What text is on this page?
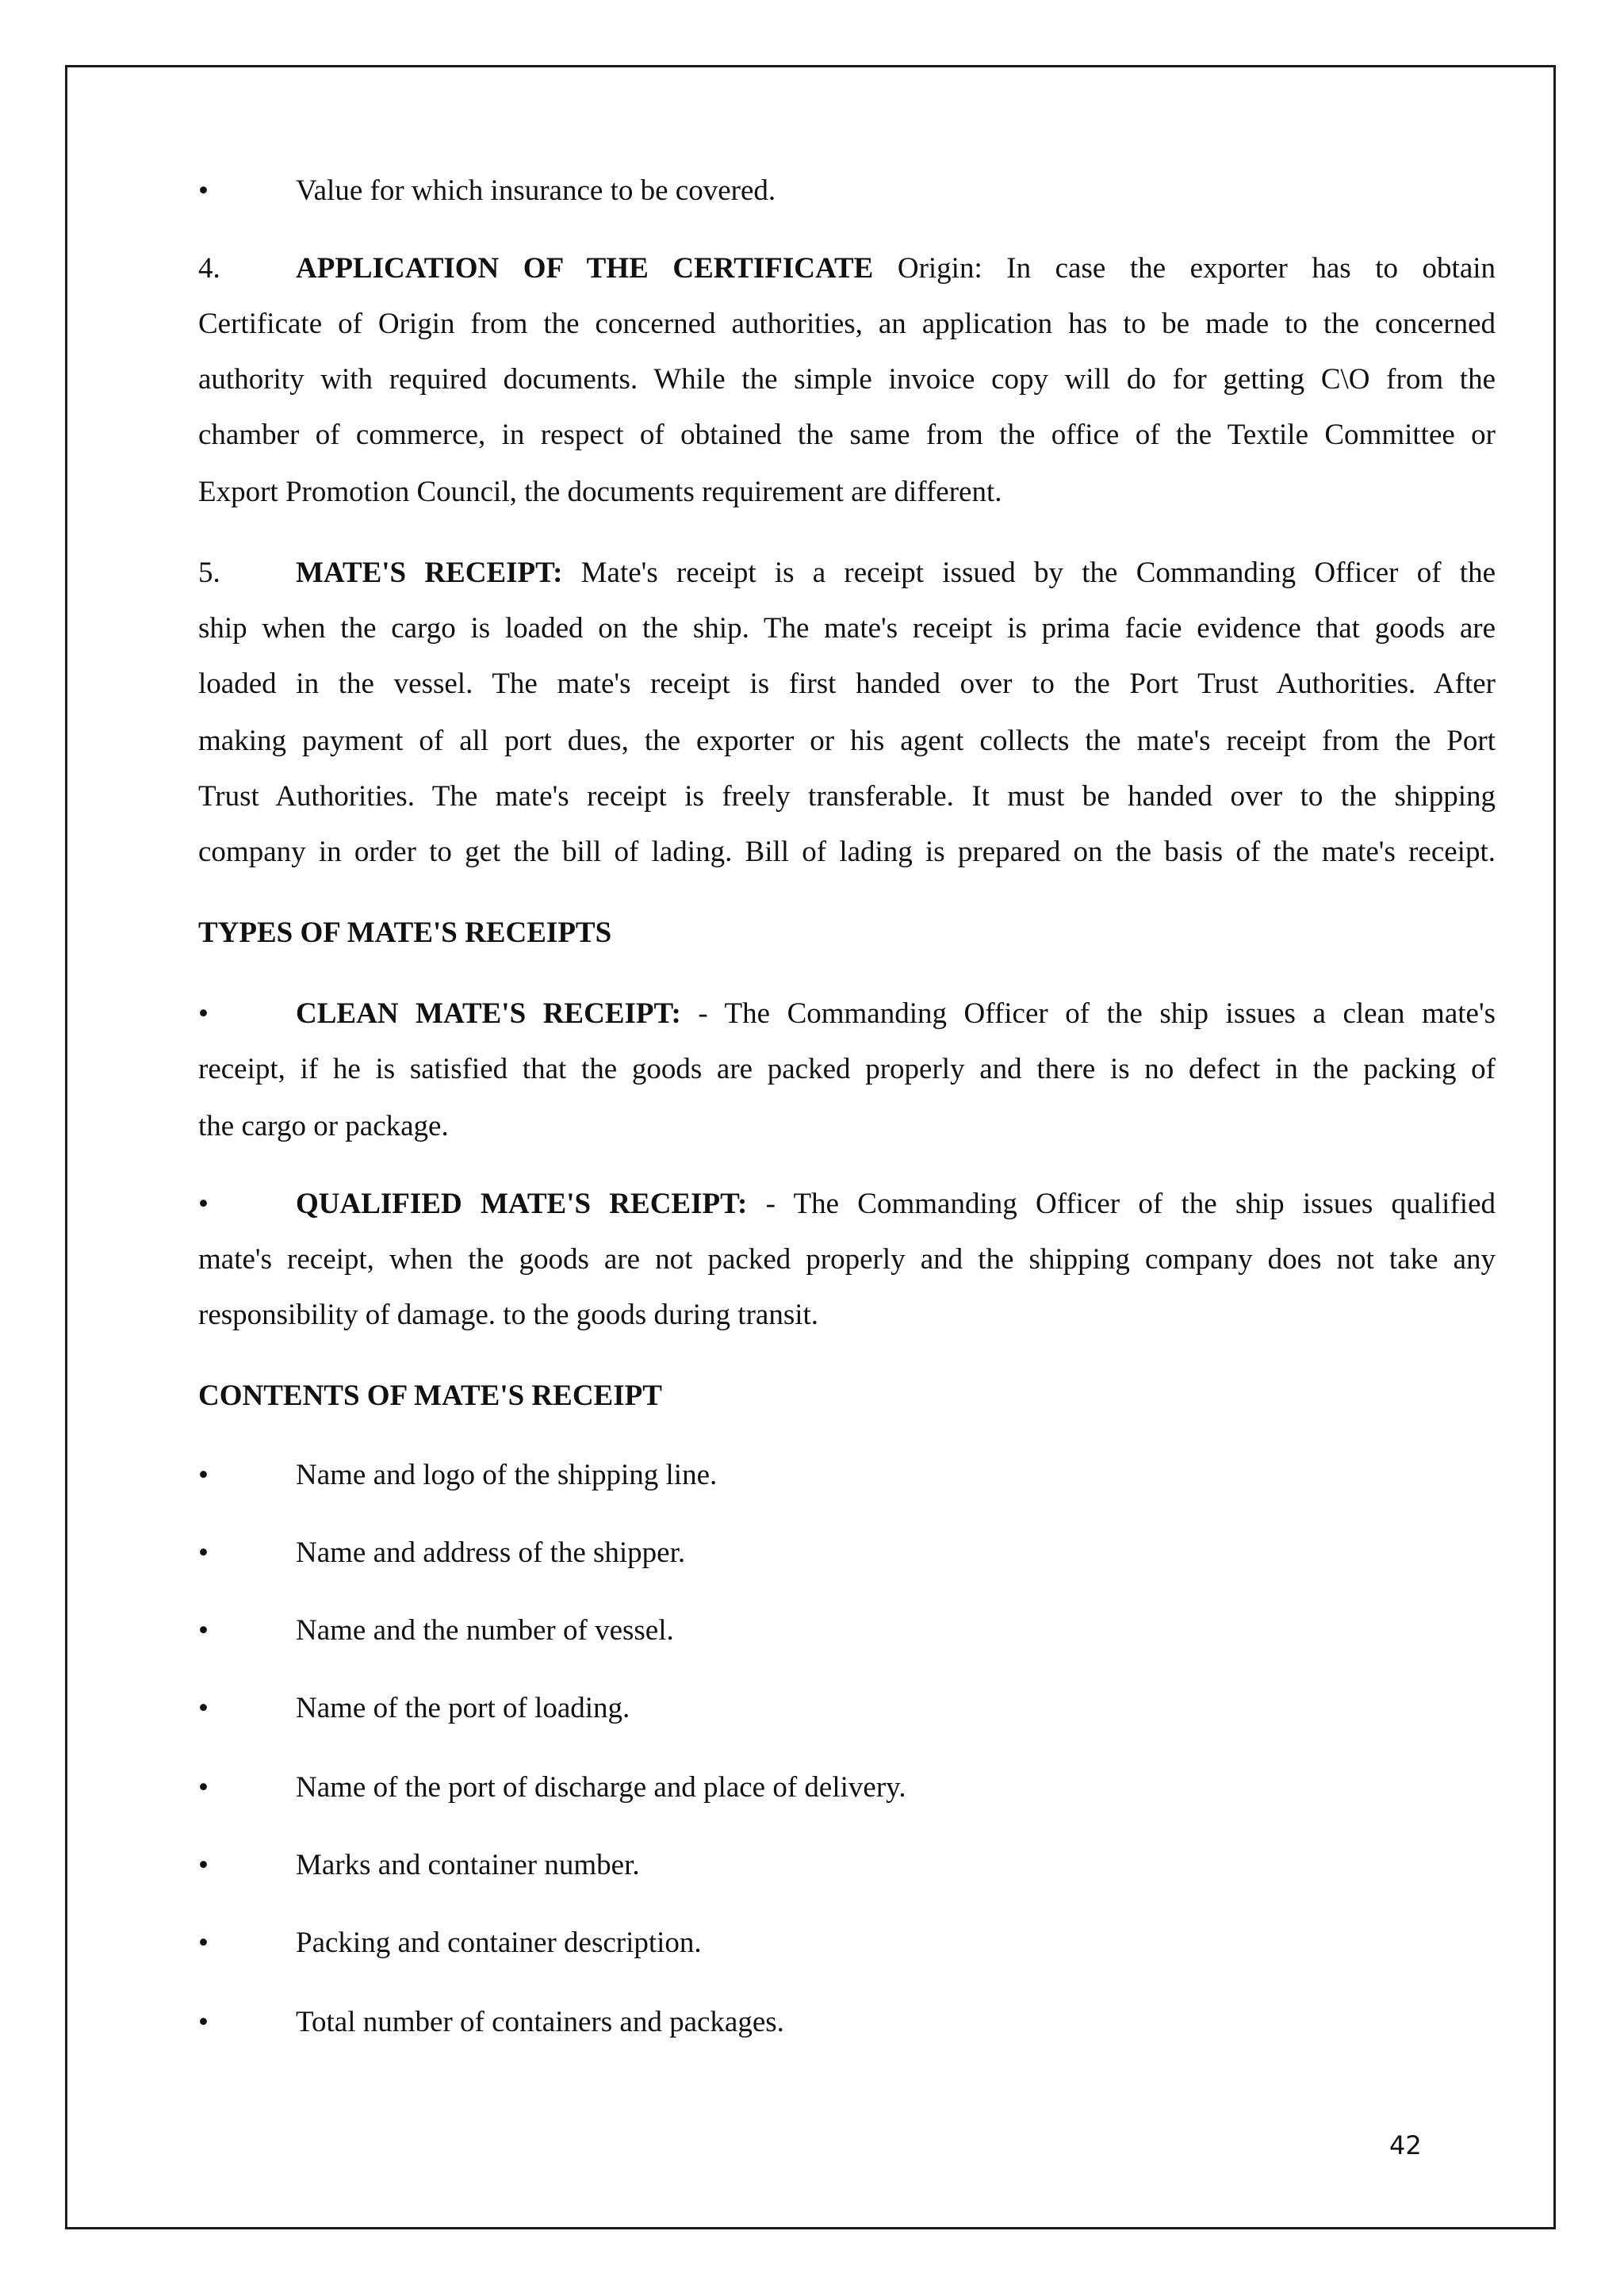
•	Value for which insurance to be covered.
4.	APPLICATION OF THE CERTIFICATE Origin: In case the exporter has to obtain
Certificate of Origin from the concerned authorities, an application has to be made to the concerned
authority with required documents. While the simple invoice copy will do for getting C\O from the
chamber of commerce, in respect of obtained the same from the office of the Textile Committee or
Export Promotion Council, the documents requirement are different.
5.	MATE'S RECEIPT: Mate's receipt is a receipt issued by the Commanding Officer of the
ship when the cargo is loaded on the ship. The mate's receipt is prima facie evidence that goods are
loaded in the vessel. The mate's receipt is first handed over to the Port Trust Authorities. After
making payment of all port dues, the exporter or his agent collects the mate's receipt from the Port
Trust Authorities. The mate's receipt is freely transferable. It must be handed over to the shipping
company in order to get the bill of lading. Bill of lading is prepared on the basis of the mate's receipt.
TYPES OF MATE'S RECEIPTS
•	CLEAN MATE'S RECEIPT: - The Commanding Officer of the ship issues a clean mate's
receipt, if he is satisfied that the goods are packed properly and there is no defect in the packing of
the cargo or package.
•	QUALIFIED MATE'S RECEIPT: - The Commanding Officer of the ship issues qualified
mate's receipt, when the goods are not packed properly and the shipping company does not take any
responsibility of damage. to the goods during transit.
CONTENTS OF MATE'S RECEIPT
•	Name and logo of the shipping line.
•	Name and address of the shipper.
•	Name and the number of vessel.
•	Name of the port of loading.
•	Name of the port of discharge and place of delivery.
•	Marks and container number.
•	Packing and container description.
•	Total number of containers and packages.
42
